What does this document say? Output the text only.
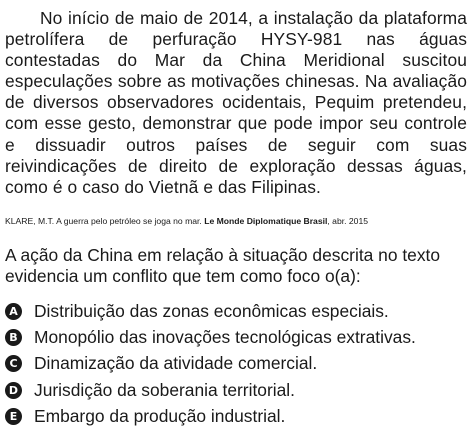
No início de maio de 2014, a instalação da plataforma petrolífera de perfuração HYSY-981 nas águas contestadas do Mar da China Meridional suscitou especulações sobre as motivações chinesas. Na avaliação de diversos observadores ocidentais, Pequim pretendeu, com esse gesto, demonstrar que pode impor seu controle e dissuadir outros países de seguir com suas reivindicações de direito de exploração dessas águas, como é o caso do Vietnã e das Filipinas.

KLARE, M.T. A guerra pelo petróleo se joga no mar. Le Monde Diplomatique Brasil, abr. 2015

A ação da China em relação à situação descrita no texto evidencia um conflito que tem como foco o(a):

A Distribuição das zonas econômicas especiais.
B Monopólio das inovações tecnológicas extrativas.
C Dinamização da atividade comercial.
D Jurisdição da soberania territorial.
E Embargo da produção industrial.
